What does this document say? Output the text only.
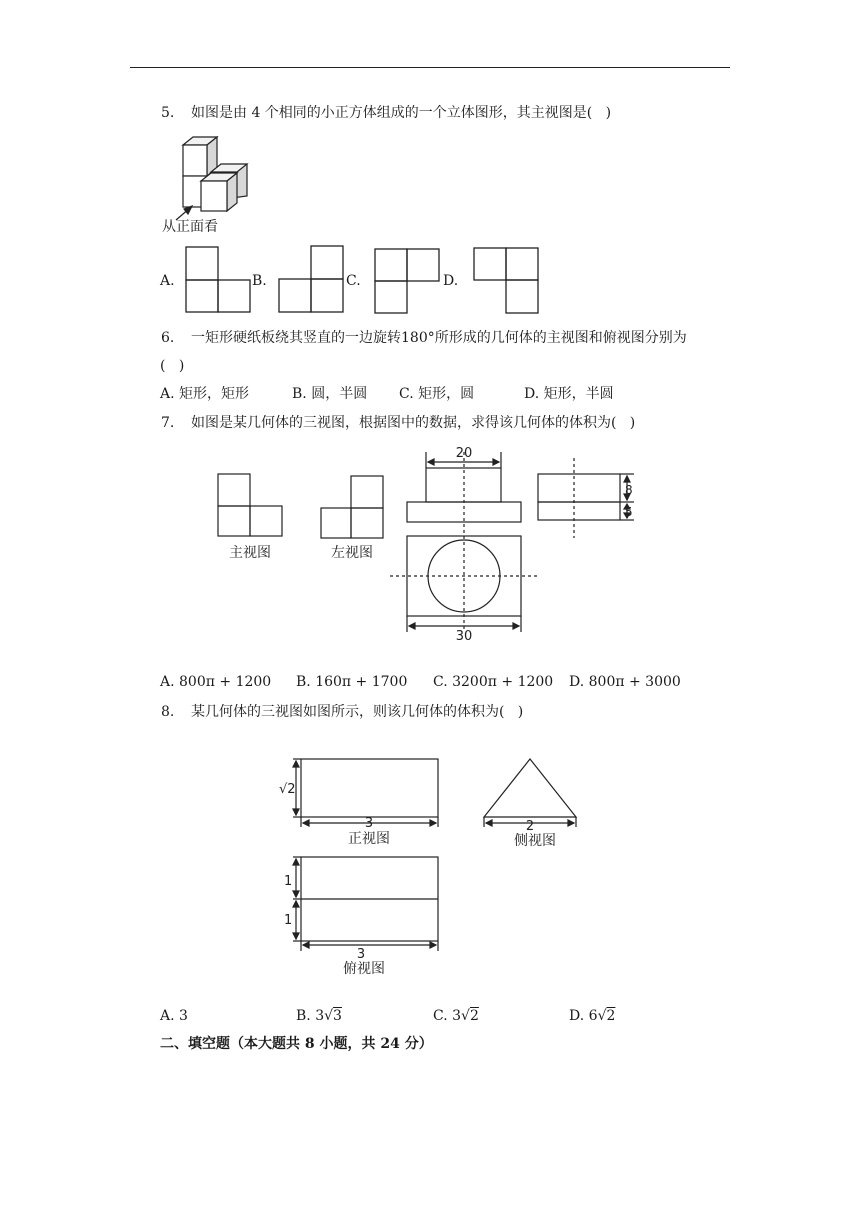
5. 如图是由 4 个相同的小正方体组成的一个立体图形，其主视图是(   )
从正面看
A.	B.	C.	D.
6. 一矩形硬纸板绕其竖直的一边旋转180°所形成的几何体的主视图和俯视图分别为
(   )
A. 矩形，矩形	B. 圆，半圆 C. 矩形，圆	D. 矩形，半圆
7. 如图是某几何体的三视图，根据图中的数据，求得该几何体的体积为(   )
20
8
5
30
主视图	左视图
A. 800π + 1200 B. 160π + 1700 C. 3200π + 1200 D. 800π + 3000
8. 某几何体的三视图如图所示，则该几何体的体积为(   )
√2
3
正视图
2
侧视图
1
1
3
俯视图
A. 3	B. 3√3	C. 3√2	D. 6√2
二、填空题（本大题共 8 小题，共 24 分）
